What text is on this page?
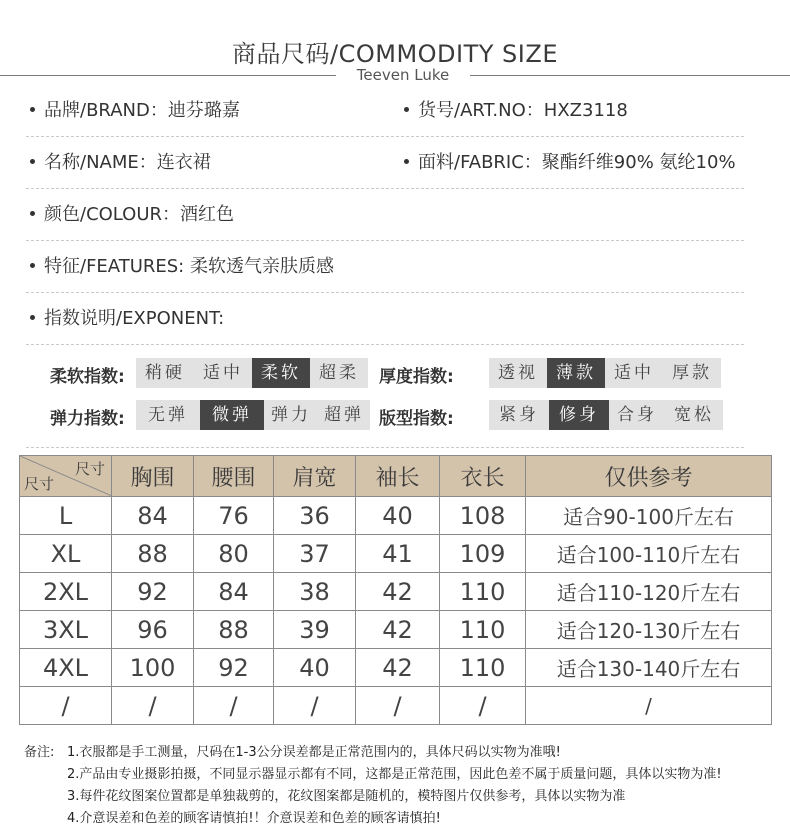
商品尺码/COMMODITY SIZE
Teeven Luke
品牌/BRAND：迪芬璐嘉	货号/ART.NO：HXZ3118
名称/NAME：连衣裙	面料/FABRIC：聚酯纤维90% 氨纶10%
颜色/COLOUR：酒红色
特征/FEATURES: 柔软透气亲肤质感
指数说明/EXPONENT:
柔软指数:	稍硬	适中	柔软	超柔	厚度指数:	透视	薄款	适中	厚款
弹力指数:	无弹	微弹	弹力 超弹 版型指数:	紧身	修身	合身	宽松
尺寸
尺寸	胸围	腰围	肩宽	袖长	衣长	仅供参考
L	84	76	36	40	108	适合90-100斤左右
XL	88	80	37	41	109	适合100-110斤左右
2XL	92	84	38	42	110	适合110-120斤左右
3XL	96	88	39	42	110	适合120-130斤左右
4XL	100	92	40	42	110	适合130-140斤左右
/	/	/	/	/	/	/
备注: 1.衣服都是手工测量，尺码在1-3公分误差都是正常范围内的，具体尺码以实物为准哦!
2.产品由专业摄影拍摄，不同显示器显示都有不同，这都是正常范围，因此色差不属于质量问题，具体以实物为准!
3.每件花纹图案位置都是单独裁剪的，花纹图案都是随机的，模特图片仅供参考，具体以实物为准
4.介意误差和色差的顾客请慎拍!！介意误差和色差的顾客请慎拍!
